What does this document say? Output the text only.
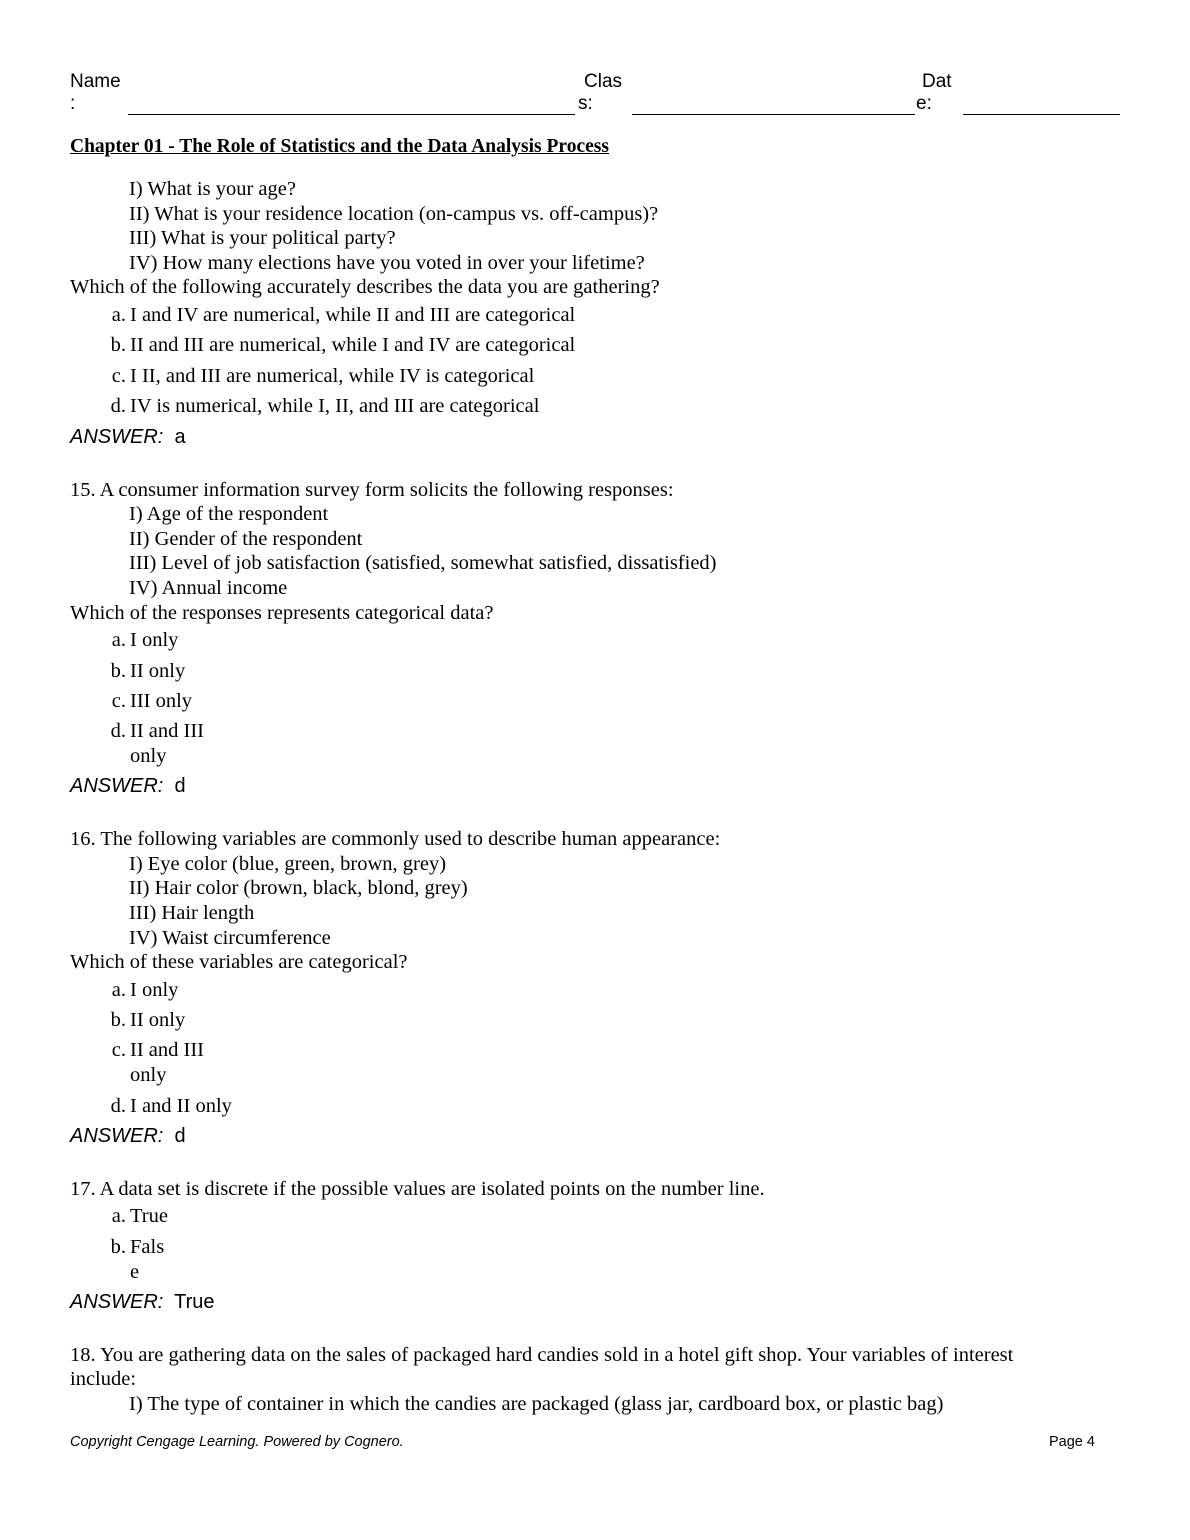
Name
:
Clas
s:
Dat
e:
Chapter 01 - The Role of Statistics and the Data Analysis Process
I) What is your age?
II) What is your residence location (on-campus vs. off-campus)?
III) What is your political party?
IV) How many elections have you voted in over your lifetime?
Which of the following accurately describes the data you are gathering?
a. I and IV are numerical, while II and III are categorical
b. II and III are numerical, while I and IV are categorical
c. I II, and III are numerical, while IV is categorical
d. IV is numerical, while I, II, and III are categorical
ANSWER: a
15. A consumer information survey form solicits the following responses:
I) Age of the respondent
II) Gender of the respondent
III) Level of job satisfaction (satisfied, somewhat satisfied, dissatisfied)
IV) Annual income
Which of the responses represents categorical data?
a. I only
b. II only
c. III only
d. II and III
only
ANSWER: d
16. The following variables are commonly used to describe human appearance:
I) Eye color (blue, green, brown, grey)
II) Hair color (brown, black, blond, grey)
III) Hair length
IV) Waist circumference
Which of these variables are categorical?
a. I only
b. II only
c. II and III
only
d. I and II only
ANSWER: d
17. A data set is discrete if the possible values are isolated points on the number line.
a. True
b. Fals
e
ANSWER: True
18. You are gathering data on the sales of packaged hard candies sold in a hotel gift shop. Your variables of interest
include:
I) The type of container in which the candies are packaged (glass jar, cardboard box, or plastic bag)
Copyright Cengage Learning. Powered by Cognero.	Page 4
